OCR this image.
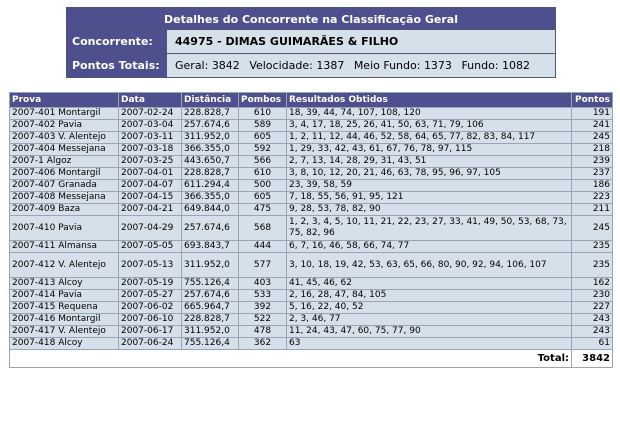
Detalhes do Concorrente na Classificação Geral	
Concorrente:	44975 - DIMAS GUIMARÃES & FILHO
Pontos Totais:	Geral: 3842 Velocidade: 1387 Meio Fundo: 1373 Fundo: 1082
Prova	Data	Distância	Pombos	Resultados Obtidos	Pontos
2007-401 Montargil	2007-02-24	228.828,7	610	18, 39, 44, 74, 107, 108, 120	191
2007-402 Pavia	2007-03-04	257.674,6	589	3, 4, 17, 18, 25, 26, 41, 50, 63, 71, 79, 106	241
2007-403 V. Alentejo	2007-03-11	311.952,0	605	1, 2, 11, 12, 44, 46, 52, 58, 64, 65, 77, 82, 83, 84, 117	245
2007-404 Messejana	2007-03-18	366.355,0	592	1, 29, 33, 42, 43, 61, 67, 76, 78, 97, 115	218
2007-1 Algoz	2007-03-25	443.650,7	566	2, 7, 13, 14, 28, 29, 31, 43, 51	239
2007-406 Montargil	2007-04-01	228.828,7	610	3, 8, 10, 12, 20, 21, 46, 63, 78, 95, 96, 97, 105	237
2007-407 Granada	2007-04-07	611.294,4	500	23, 39, 58, 59	186
2007-408 Messejana	2007-04-15	366.355,0	605	7, 18, 55, 56, 91, 95, 121	223
2007-409 Baza	2007-04-21	649.844,0	475	9, 28, 53, 78, 82, 90	211
2007-410 Pavia	2007-04-29	257.674,6	568	1, 2, 3, 4, 5, 10, 11, 21, 22, 23, 27, 33, 41, 49, 50, 53, 68, 73, 75, 82, 96	245
2007-411 Almansa	2007-05-05	693.843,7	444	6, 7, 16, 46, 58, 66, 74, 77	235
2007-412 V. Alentejo	2007-05-13	311.952,0	577	3, 10, 18, 19, 42, 53, 63, 65, 66, 80, 90, 92, 94, 106, 107	235
2007-413 Alcoy	2007-05-19	755.126,4	403	41, 45, 46, 62	162
2007-414 Pavia	2007-05-27	257.674,6	533	2, 16, 28, 47, 84, 105	230
2007-415 Requena	2007-06-02	665.964,7	392	5, 16, 22, 40, 52	227
2007-416 Montargil	2007-06-10	228.828,7	522	2, 3, 46, 77	243
2007-417 V. Alentejo	2007-06-17	311.952,0	478	11, 24, 43, 47, 60, 75, 77, 90	243
2007-418 Alcoy	2007-06-24	755.126,4	362	63	61
Total:					3842
